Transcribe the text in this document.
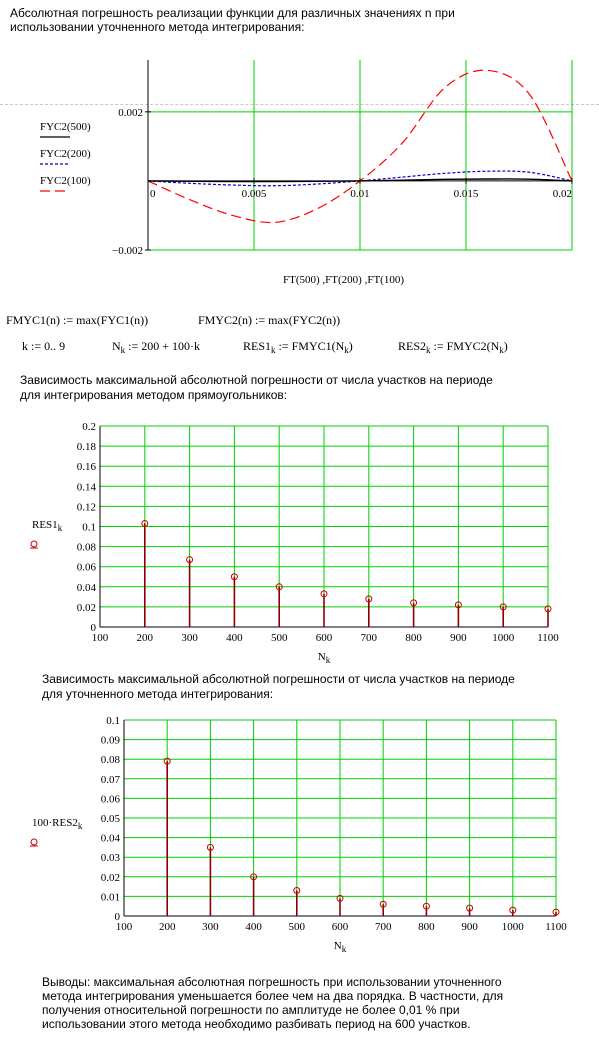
Абсолютная погрешность реализации функции для различных значениях n при
использовании уточненного метода интегрирования:
0	0.005	0.01	0.015	0.02
0.002
−0.002
FYC2(500)
FYC2(200)
FYC2(100)
FT(500) ,FT(200) ,FT(100)
FMYC1(n) := max(FYC1(n))	FMYC2(n) := max(FYC2(n))
k := 0.. 9	$N_k$ := 200 + 100·k	$RES1_k$ := $FMYC1(N_k)$	$RES2_k$ := $FMYC2(N_k)$
Зависимость максимальной абсолютной погрешности от числа участков на периоде
для интегрирования методом прямоугольников:
100	200	300	400	500	600	700	800	900 1000 1100
0
0.02
0.04
0.06
0.08
0.1
0.12
0.14
0.16
0.18
0.2
$RES1_k$
$N_k$
Зависимость максимальной абсолютной погрешности от числа участков на периоде
для уточненного метода интегрирования:
100 200 300 400 500 600 700 800 900 1000 1100
0
0.01
0.02
0.03
0.04
0.05
0.06
0.07
0.08
0.09
0.1
$100\cdot RES2_k$
$N_k$
Выводы: максимальная абсолютная погрешность при использовании уточненного
метода интегрирования уменьшается более чем на два порядка. В частности, для
получения относительной погрешности по амплитуде не более 0,01 % при
использовании этого метода необходимо разбивать период на 600 участков.
